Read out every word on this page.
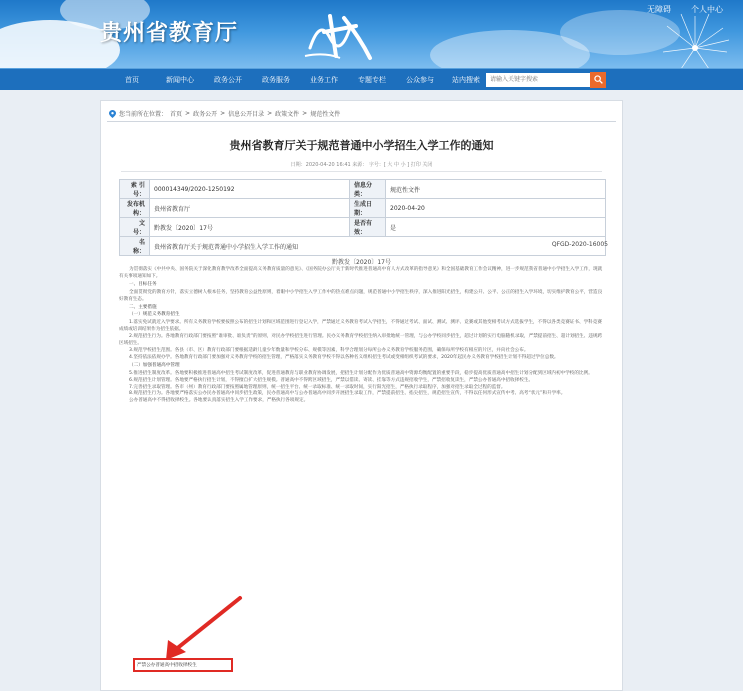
贵州省教育厅
无障碍	个人中心
首页	新闻中心	政务公开	政务服务	业务工作	专题专栏	公众参与	站内搜索
请输入关键字搜索
您当前所在位置： 首页 > 政务公开 > 信息公开目录 > 政策文件 > 规范性文件
贵州省教育厅关于规范普通中小学招生入学工作的通知
日期：2020-04-20 16:41 来源： 字号：[ 大 中 小 ] 打印 关闭
索 引 号：	000014349/2020-1250192	信息分类：	规范性文件
发布机构：	贵州省教育厅	生成日期：	2020-04-20
文　　号：	黔教发〔2020〕17号	是否有效：	是
名　　称：	贵州省教育厅关于规范普通中小学招生入学工作的通知			QFGD-2020-16005
黔教发〔2020〕17号

为贯彻落实《中共中央、国务院关于深化教育教学改革全面提高义务教育质量的意见》、《国务院办公厅关于新时代推进普通高中育人方式改革的指导意见》和全国基础教育工作会议精神，进一步规范我省普通中小学招生入学工作，现就有关事项通知如下。

一、目标任务

全面贯彻党的教育方针，落实立德树人根本任务，坚持教育公益性原则，着眼中小学招生入学工作中的热点难点问题，规范普通中小学招生秩序，深入推进阳光招生，构建公开、公平、公正的招生入学环境，切实维护教育公平，营造良好教育生态。

二、主要措施

（一）规范义务教育招生

1.落实免试就近入学要求。所有义务教育学校要按照公布的招生计划和区域范围进行登记入学，严禁通过义务教育考试入学招生，不得通过考试、面试、测试、测评、竞赛或其他变相考试方式选拔学生，不得以各类竞赛证书、学科竞赛成绩或培训结果作为招生依据。

2.规范招生行为。各地教育行政部门要按照“谁审批、谁负责”的原则，对民办学校招生进行管理。民办义务教育学校招生纳入审批地统一管理，与公办学校同步招生，超过计划的实行电脑随机录取，严禁提前招生、超计划招生、违规跨区域招生。

3.规范学校招生范围。各县（市、区）教育行政部门要根据适龄儿童少年数量和学校分布、规模等因素，科学合理划分每所公办义务教育学校服务范围，确保每所学校有相应的片区，并向社会公布。

4.坚持依法依规办学。各地教育行政部门要加强对义务教育学校的招生管理，严格落实义务教育学校不得以各种名义组织招生考试或变相组织考试的要求，2020年起民办义务教育学校招生计划不得超过学位总数。

（二）加强普通高中管理

5.推进招生制度改革。各地要积极推进普通高中招生考试制度改革，促进普通教育与职业教育协调发展，把招生计划分配作为优质普通高中资源均衡配置的重要手段，稳步提高优质普通高中招生计划分配到区域内初中学校的比例。

6.规范招生计划管理。各地要严格执行招生计划，不得擅自扩大招生规模。普通高中不得跨区域招生，严禁以借读、寄读、挂靠等方式违规招收学生，严禁招收复读生，严禁公办普通高中招收择校生。

7.完善招生录取管理。各市（州）教育行政部门要按照属地管理原则，统一招生平台、统一录取标准、统一录取时间，实行阳光招生，严格执行录取程序，加强对招生录取全过程的监督。

8.规范招生行为。各地要严格落实公办民办普通高中同步招生政策，民办普通高中与公办普通高中同步开展招生录取工作，严禁提前招生、掐尖招生，规范招生宣传，不得以任何形式宣传中考、高考“状元”和升学率。

公办普通高中不得招收择校生。各地要认真落实招生入学工作要求，严格执行各项规定。

严禁公办普通高中招收择校生
